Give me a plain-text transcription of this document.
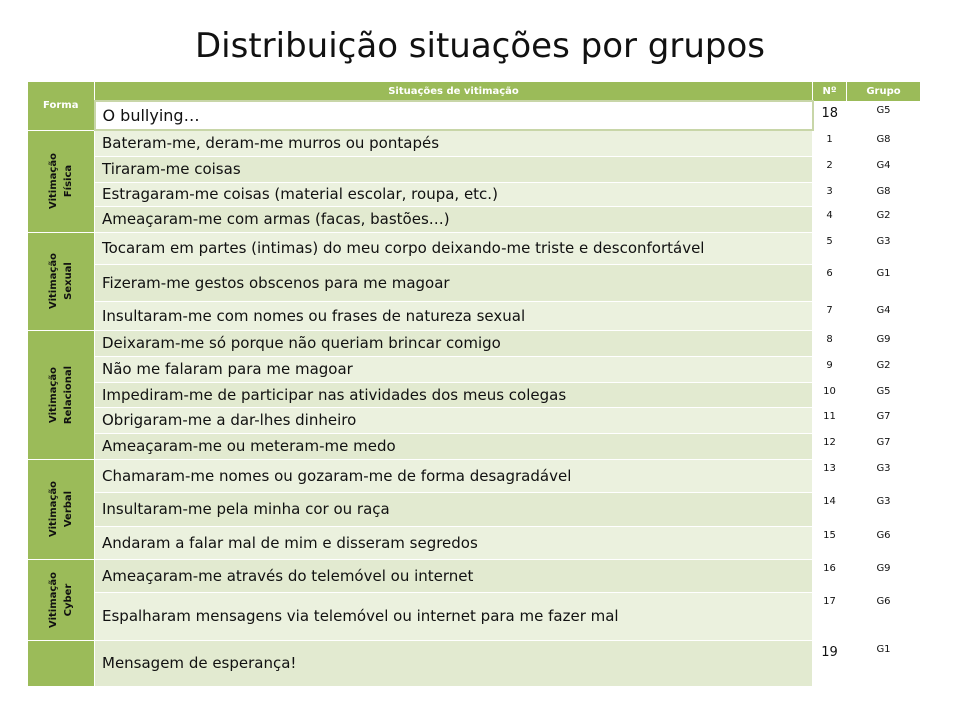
Distribuição situações por grupos
Forma	Situações de vitimação	Nº	Grupo
	O bullying…	18	G5
Vitimação
Física	Bateram-me, deram-me murros ou pontapés	1	G8
	Tiraram-me coisas	2	G4
	Estragaram-me coisas (material escolar, roupa, etc.)	3	G8
	Ameaçaram-me com armas (facas, bastões…)	4	G2
Vitimação
Sexual	Tocaram em partes (intimas) do meu corpo deixando-me triste e desconfortável	5	G3
	Fizeram-me gestos obscenos para me magoar	6	G1
	Insultaram-me com nomes ou frases de natureza sexual	7	G4
Vitimação
Relacional	Deixaram-me só porque não queriam brincar comigo	8	G9
	Não me falaram para me magoar	9	G2
	Impediram-me de participar nas atividades dos meus colegas	10	G5
	Obrigaram-me a dar-lhes dinheiro	11	G7
	Ameaçaram-me ou meteram-me medo	12	G7
Vitimação
Verbal	Chamaram-me nomes ou gozaram-me de forma desagradável	13	G3
	Insultaram-me pela minha cor ou raça	14	G3
	Andaram a falar mal de mim e disseram segredos	15	G6
Vitimação
Cyber	Ameaçaram-me através do telemóvel ou internet	16	G9
	Espalharam mensagens via telemóvel ou internet para me fazer mal	17	G6
	Mensagem de esperança!	19	G1
